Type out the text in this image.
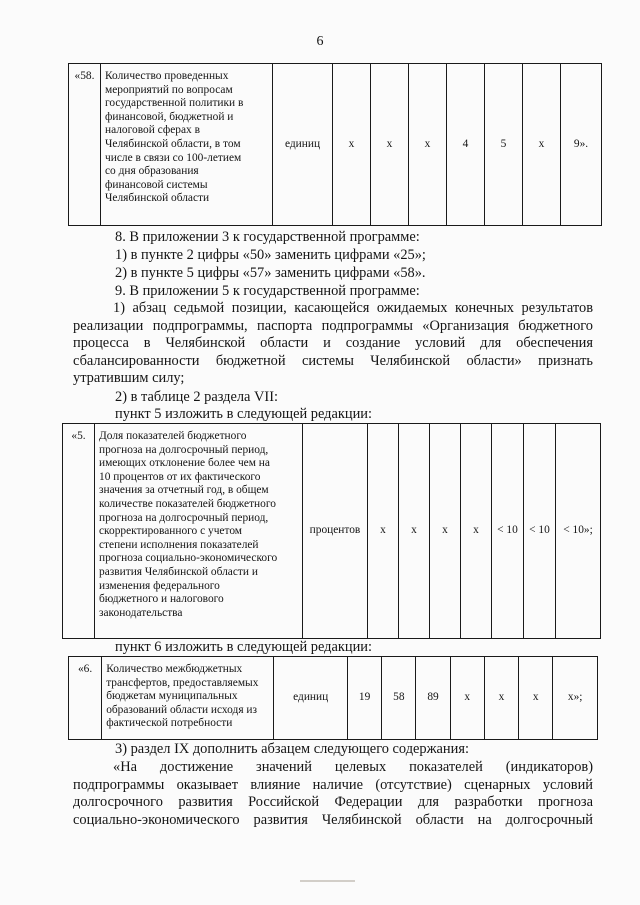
6
«58.	Количество проведенных
мероприятий по вопросам
государственной политики в
финансовой, бюджетной и
налоговой сферах в
Челябинской области, в том
числе в связи со 100-летием
со дня образования
финансовой системы
Челябинской области
	единиц	х	х	х	4	5	х	9».
8. В приложении 3 к государственной программе:
1) в пункте 2 цифры «50» заменить цифрами «25»;
2) в пункте 5 цифры «57» заменить цифрами «58».
9. В приложении 5 к государственной программе:
1) абзац седьмой позиции, касающейся ожидаемых конечных результатов
реализации подпрограммы, паспорта подпрограммы «Организация бюджетного
процесса в Челябинской области и создание условий для обеспечения
сбалансированности бюджетной системы Челябинской области» признать
утратившим силу;
2) в таблице 2 раздела VII:
пункт 5 изложить в следующей редакции:
«5.	Доля показателей бюджетного
прогноза на долгосрочный период,
имеющих отклонение более чем на
10 процентов от их фактического
значения за отчетный год, в общем
количестве показателей бюджетного
прогноза на долгосрочный период,
скорректированного с учетом
степени исполнения показателей
прогноза социально-экономического
развития Челябинской области и
изменения федерального
бюджетного и налогового
законодательства
	процентов	х	х	х	х	< 10	< 10	< 10»;
пункт 6 изложить в следующей редакции:
«6.	Количество межбюджетных
трансфертов, предоставляемых
бюджетам муниципальных
образований области исходя из
фактической потребности
	единиц	19	58	89	х	х	х	х»;
3) раздел IX дополнить абзацем следующего содержания:
«На достижение значений целевых показателей (индикаторов)
подпрограммы оказывает влияние наличие (отсутствие) сценарных условий
долгосрочного развития Российской Федерации для разработки прогноза
социально-экономического развития Челябинской области на долгосрочный
